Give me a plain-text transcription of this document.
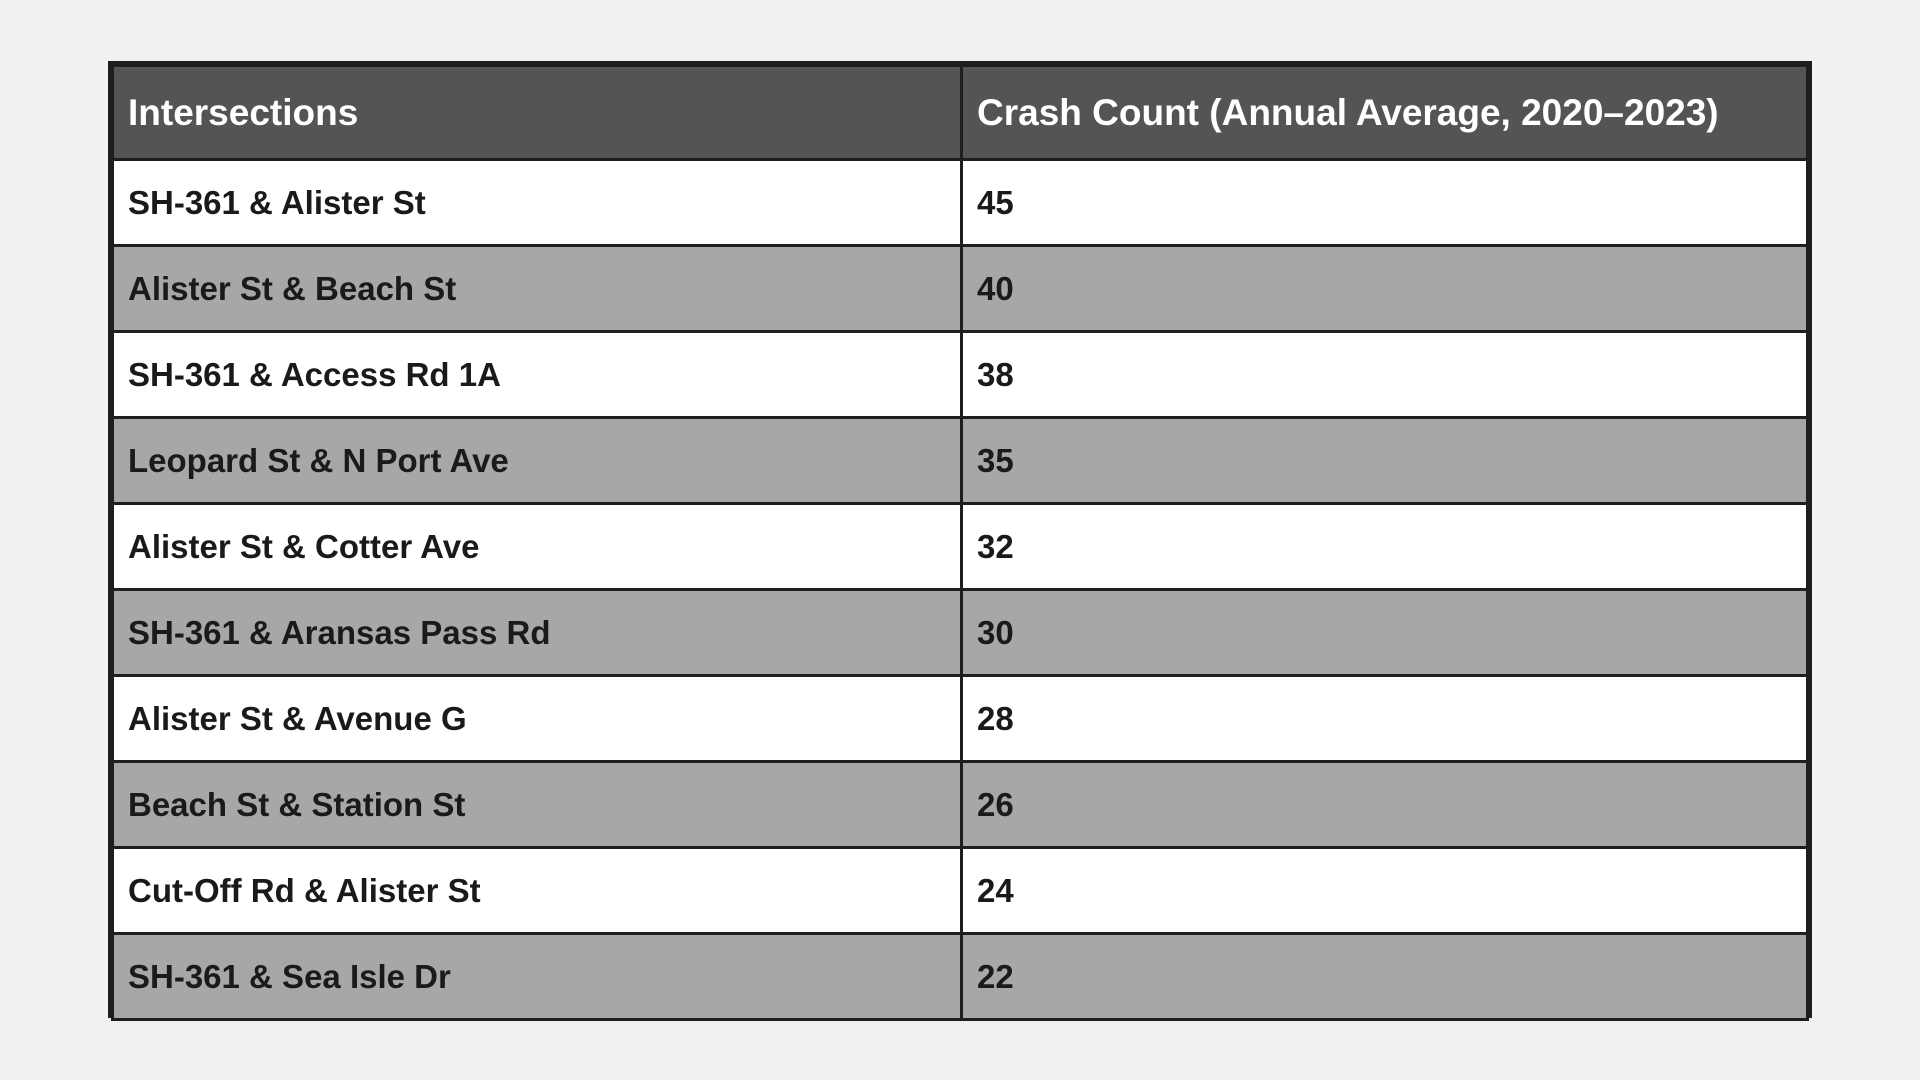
Intersections	Crash Count (Annual Average, 2020–2023)
SH-361 & Alister St	45
Alister St & Beach St	40
SH-361 & Access Rd 1A	38
Leopard St & N Port Ave	35
Alister St & Cotter Ave	32
SH-361 & Aransas Pass Rd	30
Alister St & Avenue G	28
Beach St & Station St	26
Cut-Off Rd & Alister St	24
SH-361 & Sea Isle Dr	22
